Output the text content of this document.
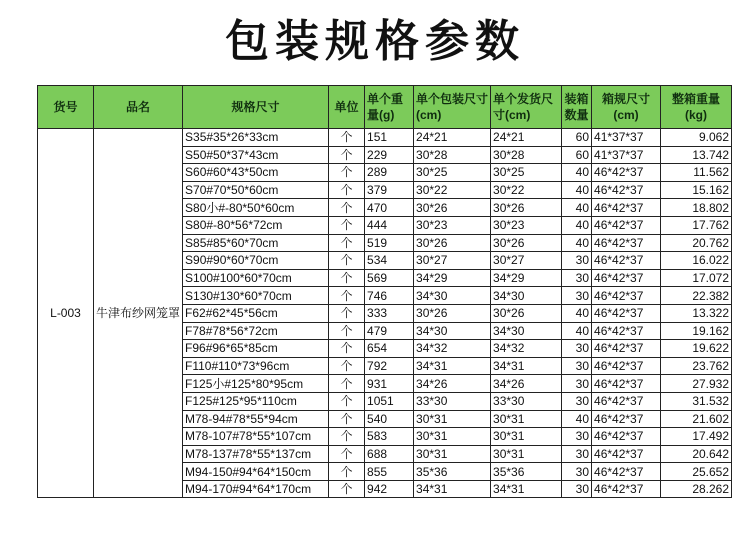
包装规格参数
货号	品名	规格尺寸	单位	单个重量(g)	单个包装尺寸(cm)	单个发货尺寸(cm)	装箱数量	箱规尺寸(cm)	整箱重量(kg)
L-003	牛津布纱网笼罩	S35#35*26*33cm	个	151	24*21	24*21	60	41*37*37	9.062
		S50#50*37*43cm	个	229	30*28	30*28	60	41*37*37	13.742
		S60#60*43*50cm	个	289	30*25	30*25	40	46*42*37	11.562
		S70#70*50*60cm	个	379	30*22	30*22	40	46*42*37	15.162
		S80小#-80*50*60cm	个	470	30*26	30*26	40	46*42*37	18.802
		S80#-80*56*72cm	个	444	30*23	30*23	40	46*42*37	17.762
		S85#85*60*70cm	个	519	30*26	30*26	40	46*42*37	20.762
		S90#90*60*70cm	个	534	30*27	30*27	30	46*42*37	16.022
		S100#100*60*70cm	个	569	34*29	34*29	30	46*42*37	17.072
		S130#130*60*70cm	个	746	34*30	34*30	30	46*42*37	22.382
		F62#62*45*56cm	个	333	30*26	30*26	40	46*42*37	13.322
		F78#78*56*72cm	个	479	34*30	34*30	40	46*42*37	19.162
		F96#96*65*85cm	个	654	34*32	34*32	30	46*42*37	19.622
		F110#110*73*96cm	个	792	34*31	34*31	30	46*42*37	23.762
		F125小#125*80*95cm	个	931	34*26	34*26	30	46*42*37	27.932
		F125#125*95*110cm	个	1051	33*30	33*30	30	46*42*37	31.532
		M78-94#78*55*94cm	个	540	30*31	30*31	40	46*42*37	21.602
		M78-107#78*55*107cm	个	583	30*31	30*31	30	46*42*37	17.492
		M78-137#78*55*137cm	个	688	30*31	30*31	30	46*42*37	20.642
		M94-150#94*64*150cm	个	855	35*36	35*36	30	46*42*37	25.652
		M94-170#94*64*170cm	个	942	34*31	34*31	30	46*42*37	28.262
